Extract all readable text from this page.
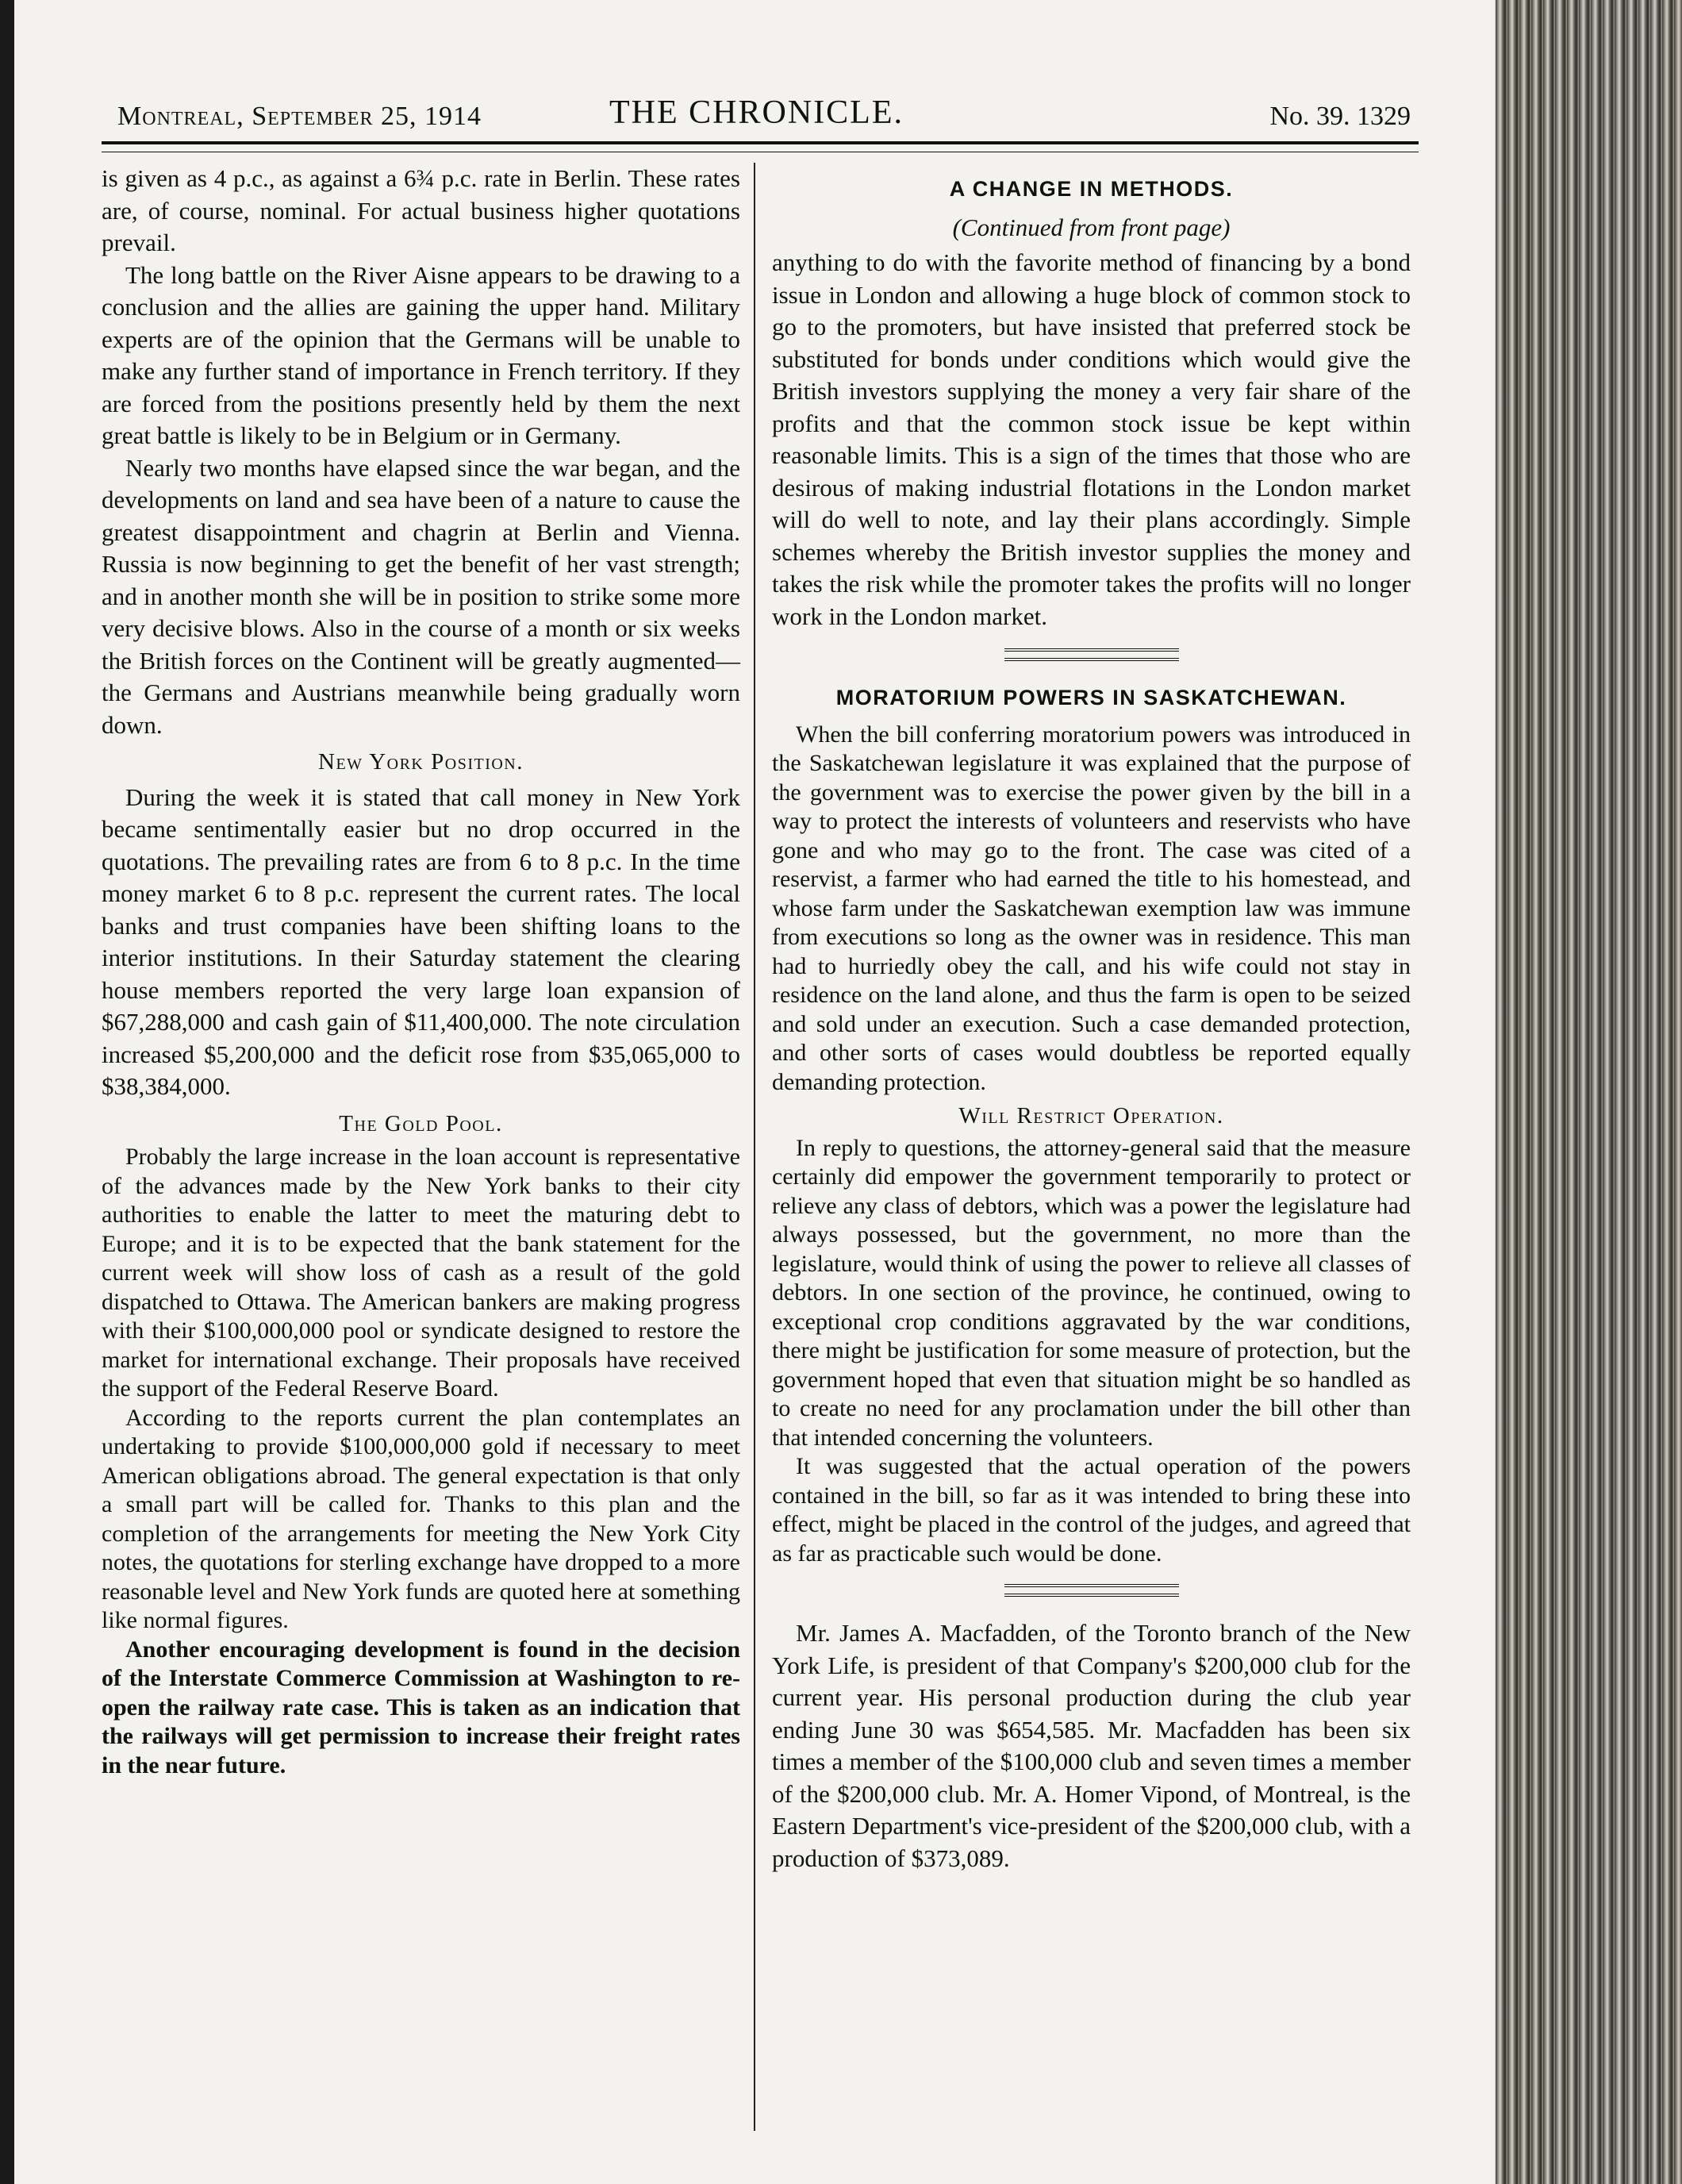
Montreal, September 25, 1914	THE CHRONICLE.	No. 39. 1329

is given as 4 p.c., as against a 6¾ p.c. rate in Berlin. These rates are, of course, nominal. For actual business higher quotations prevail.

The long battle on the River Aisne appears to be drawing to a conclusion and the allies are gaining the upper hand. Military experts are of the opinion that the Germans will be unable to make any further stand of importance in French territory. If they are forced from the positions presently held by them the next great battle is likely to be in Belgium or in Germany.

Nearly two months have elapsed since the war began, and the developments on land and sea have been of a nature to cause the greatest disappointment and chagrin at Berlin and Vienna. Russia is now beginning to get the benefit of her vast strength; and in another month she will be in position to strike some more very decisive blows. Also in the course of a month or six weeks the British forces on the Continent will be greatly augmented—the Germans and Austrians meanwhile being gradually worn down.

New York Position.

During the week it is stated that call money in New York became sentimentally easier but no drop occurred in the quotations. The prevailing rates are from 6 to 8 p.c. In the time money market 6 to 8 p.c. represent the current rates. The local banks and trust companies have been shifting loans to the interior institutions. In their Saturday statement the clearing house members reported the very large loan expansion of $67,288,000 and cash gain of $11,400,000. The note circulation increased $5,200,000 and the deficit rose from $35,065,000 to $38,384,000.

The Gold Pool.

Probably the large increase in the loan account is representative of the advances made by the New York banks to their city authorities to enable the latter to meet the maturing debt to Europe; and it is to be expected that the bank statement for the current week will show loss of cash as a result of the gold dispatched to Ottawa. The American bankers are making progress with their $100,000,000 pool or syndicate designed to restore the market for international exchange. Their proposals have received the support of the Federal Reserve Board.

According to the reports current the plan contemplates an undertaking to provide $100,000,000 gold if necessary to meet American obligations abroad. The general expectation is that only a small part will be called for. Thanks to this plan and the completion of the arrangements for meeting the New York City notes, the quotations for sterling exchange have dropped to a more reasonable level and New York funds are quoted here at something like normal figures.

Another encouraging development is found in the decision of the Interstate Commerce Commission at Washington to re-open the railway rate case. This is taken as an indication that the railways will get permission to increase their freight rates in the near future.

A CHANGE IN METHODS.
(Continued from front page)

anything to do with the favorite method of financing by a bond issue in London and allowing a huge block of common stock to go to the promoters, but have insisted that preferred stock be substituted for bonds under conditions which would give the British investors supplying the money a very fair share of the profits and that the common stock issue be kept within reasonable limits. This is a sign of the times that those who are desirous of making industrial flotations in the London market will do well to note, and lay their plans accordingly. Simple schemes whereby the British investor supplies the money and takes the risk while the promoter takes the profits will no longer work in the London market.

MORATORIUM POWERS IN SASKATCHEWAN.

When the bill conferring moratorium powers was introduced in the Saskatchewan legislature it was explained that the purpose of the government was to exercise the power given by the bill in a way to protect the interests of volunteers and reservists who have gone and who may go to the front. The case was cited of a reservist, a farmer who had earned the title to his homestead, and whose farm under the Saskatchewan exemption law was immune from executions so long as the owner was in residence. This man had to hurriedly obey the call, and his wife could not stay in residence on the land alone, and thus the farm is open to be seized and sold under an execution. Such a case demanded protection, and other sorts of cases would doubtless be reported equally demanding protection.

Will Restrict Operation.

In reply to questions, the attorney-general said that the measure certainly did empower the government temporarily to protect or relieve any class of debtors, which was a power the legislature had always possessed, but the government, no more than the legislature, would think of using the power to relieve all classes of debtors. In one section of the province, he continued, owing to exceptional crop conditions aggravated by the war conditions, there might be justification for some measure of protection, but the government hoped that even that situation might be so handled as to create no need for any proclamation under the bill other than that intended concerning the volunteers.

It was suggested that the actual operation of the powers contained in the bill, so far as it was intended to bring these into effect, might be placed in the control of the judges, and agreed that as far as practicable such would be done.

Mr. James A. Macfadden, of the Toronto branch of the New York Life, is president of that Company's $200,000 club for the current year. His personal production during the club year ending June 30 was $654,585. Mr. Macfadden has been six times a member of the $100,000 club and seven times a member of the $200,000 club. Mr. A. Homer Vipond, of Montreal, is the Eastern Department's vice-president of the $200,000 club, with a production of $373,089.
